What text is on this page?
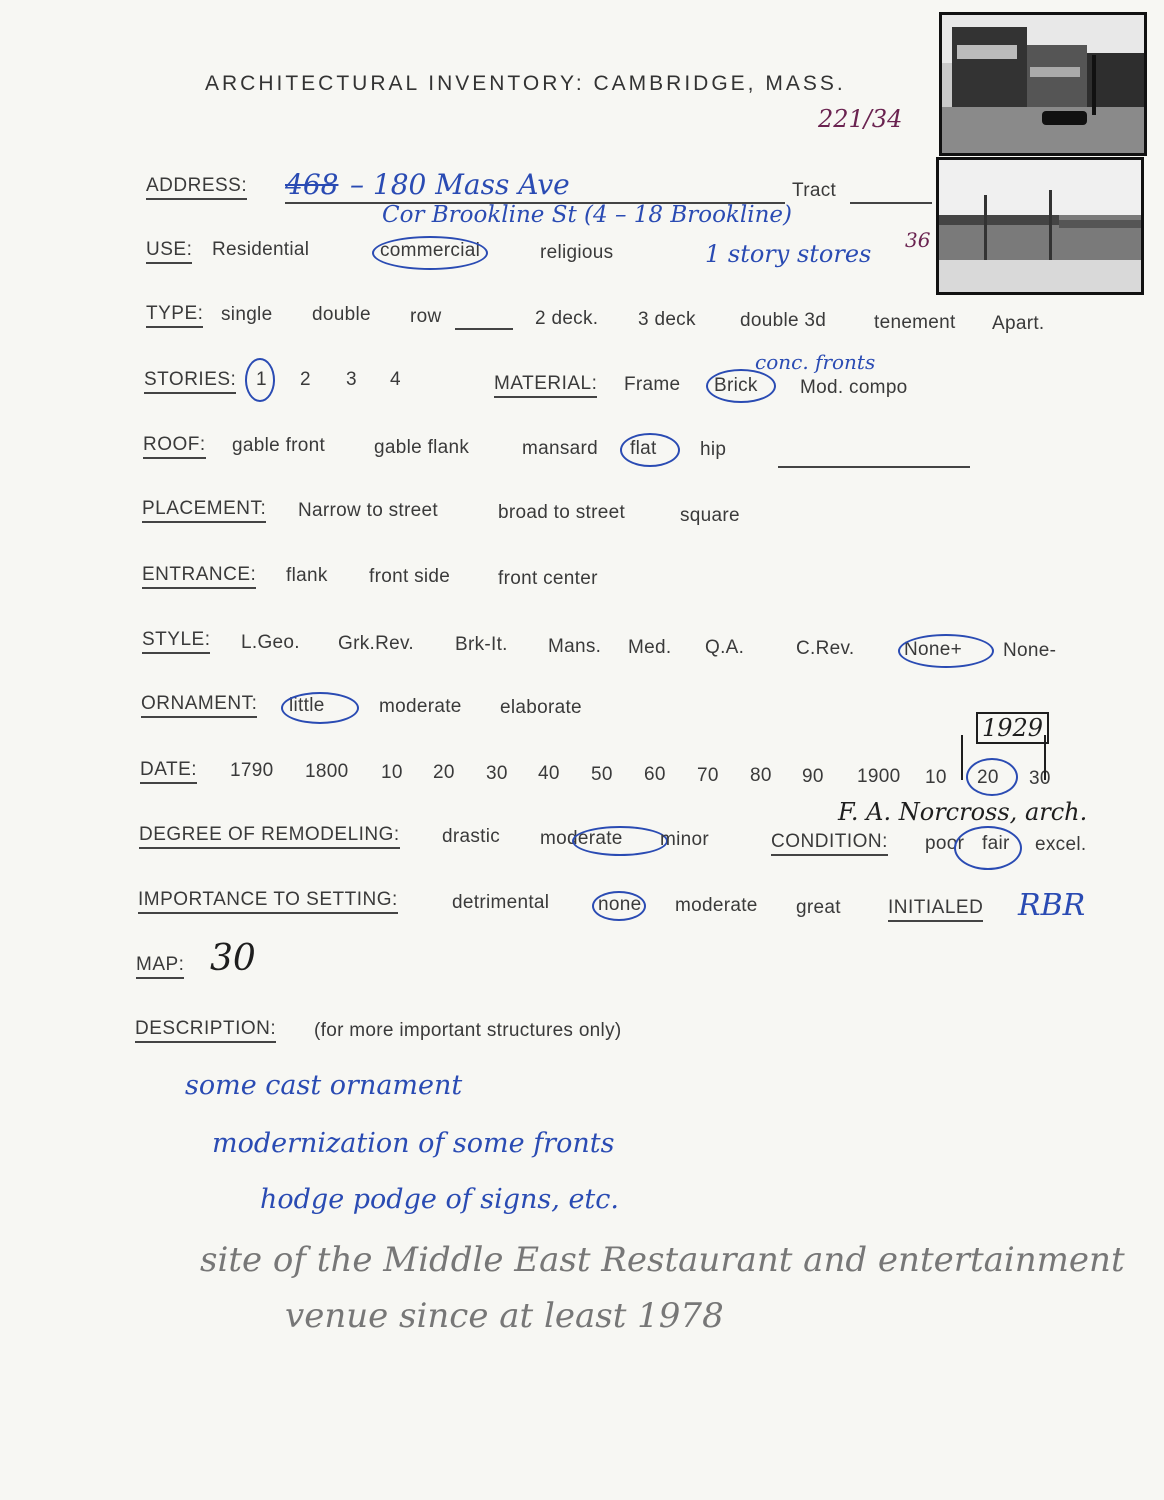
ARCHITECTURAL INVENTORY: CAMBRIDGE, MASS.
221/34
ADDRESS: 468 – 180 Mass Ave	Tract
Cor Brookline St (4 – 18 Brookline)
USE: Residential	commercial	religious	1 story stores 36
TYPE: single double row	2 deck. 3 deck double 3d	tenement Apart.
STORIES: 1 2 3 4	MATERIAL: Frame Brick Mod. compo
conc. fronts
ROOF: gable front	gable flank	mansard flat hip
PLACEMENT: Narrow to street	broad to street	square
ENTRANCE: flank front side	front center
STYLE: L.Geo. Grk.Rev. Brk-It. Mans. Med. Q.A.	C.Rev.	None+ None-
ORNAMENT: little	moderate elaborate
DATE: 1790 1800 10 20 30 40 50 60 70 80 90 1900 10 20 30
1929
F. A. Norcross, arch.
DEGREE OF REMODELING: drastic moderate minor	CONDITION: poor fair excel.
IMPORTANCE TO SETTING:	detrimental	none moderate great INITIALED RBR
MAP: 30
DESCRIPTION: (for more important structures only)
some cast ornament
modernization of some fronts
hodge podge of signs, etc.
site of the Middle East Restaurant and entertainment
venue since at least 1978
